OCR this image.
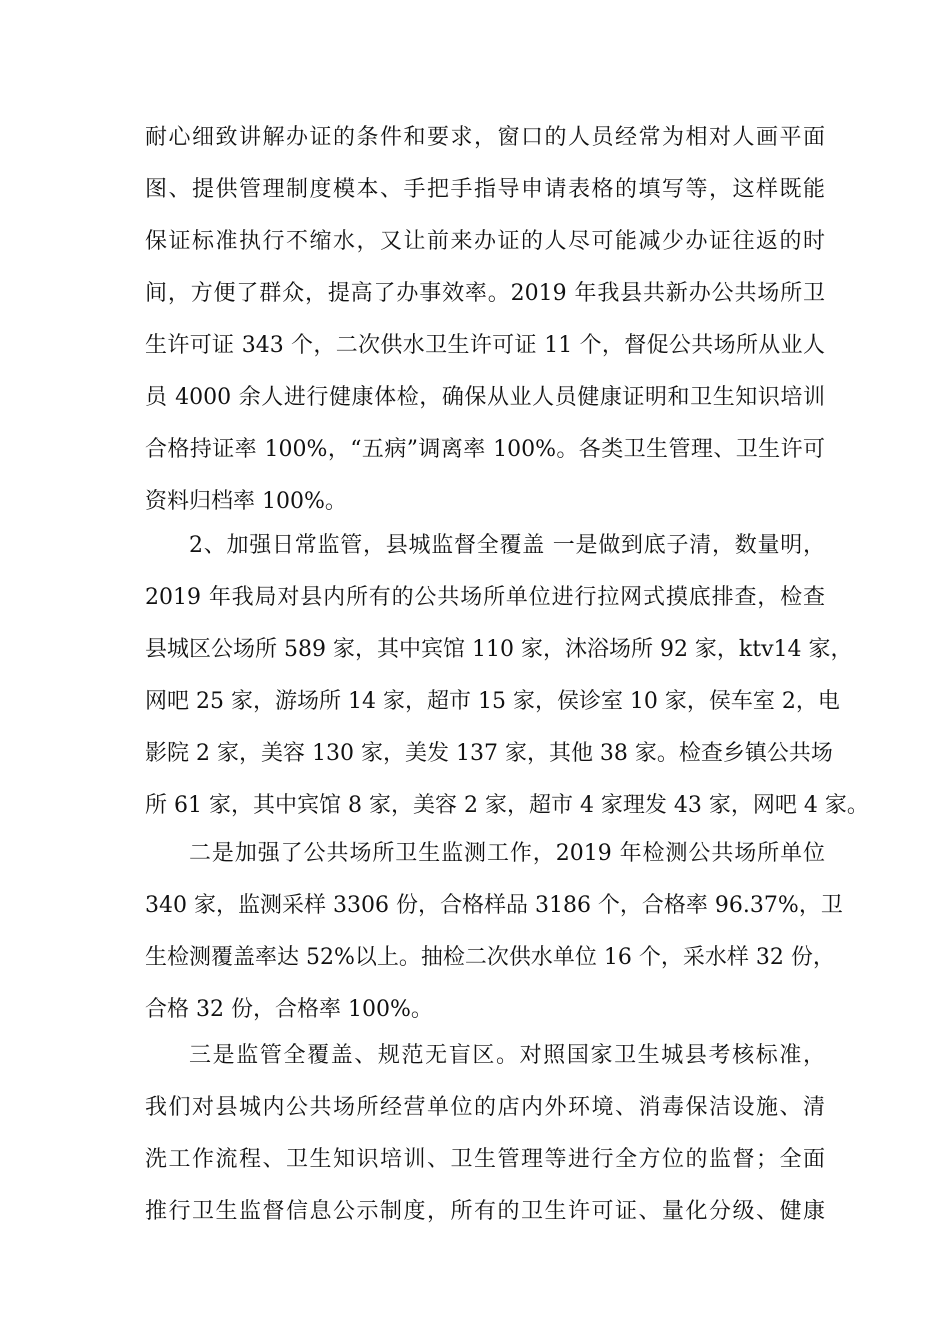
耐心细致讲解办证的条件和要求，窗口的人员经常为相对人画平面
图、提供管理制度模本、手把手指导申请表格的填写等，这样既能
保证标准执行不缩水，又让前来办证的人尽可能减少办证往返的时
间，方便了群众，提高了办事效率。2019 年我县共新办公共场所卫
生许可证 343 个，二次供水卫生许可证 11 个，督促公共场所从业人
员 4000 余人进行健康体检，确保从业人员健康证明和卫生知识培训
合格持证率 100%，“五病”调离率 100%。各类卫生管理、卫生许可
资料归档率 100%。
2、加强日常监管，县城监督全覆盖 一是做到底子清，数量明，
2019 年我局对县内所有的公共场所单位进行拉网式摸底排查，检查
县城区公场所 589 家，其中宾馆 110 家，沐浴场所 92 家，ktv14 家，
网吧 25 家，游场所 14 家，超市 15 家，侯诊室 10 家，侯车室 2，电
影院 2 家，美容 130 家，美发 137 家，其他 38 家。检查乡镇公共场
所 61 家，其中宾馆 8 家，美容 2 家，超市 4 家理发 43 家，网吧 4 家。
二是加强了公共场所卫生监测工作，2019 年检测公共场所单位
340 家，监测采样 3306 份，合格样品 3186 个，合格率 96.37%，卫
生检测覆盖率达 52%以上。抽检二次供水单位 16 个，采水样 32 份，
合格 32 份，合格率 100%。
三是监管全覆盖、规范无盲区。对照国家卫生城县考核标准，
我们对县城内公共场所经营单位的店内外环境、消毒保洁设施、清
洗工作流程、卫生知识培训、卫生管理等进行全方位的监督；全面
推行卫生监督信息公示制度，所有的卫生许可证、量化分级、健康
